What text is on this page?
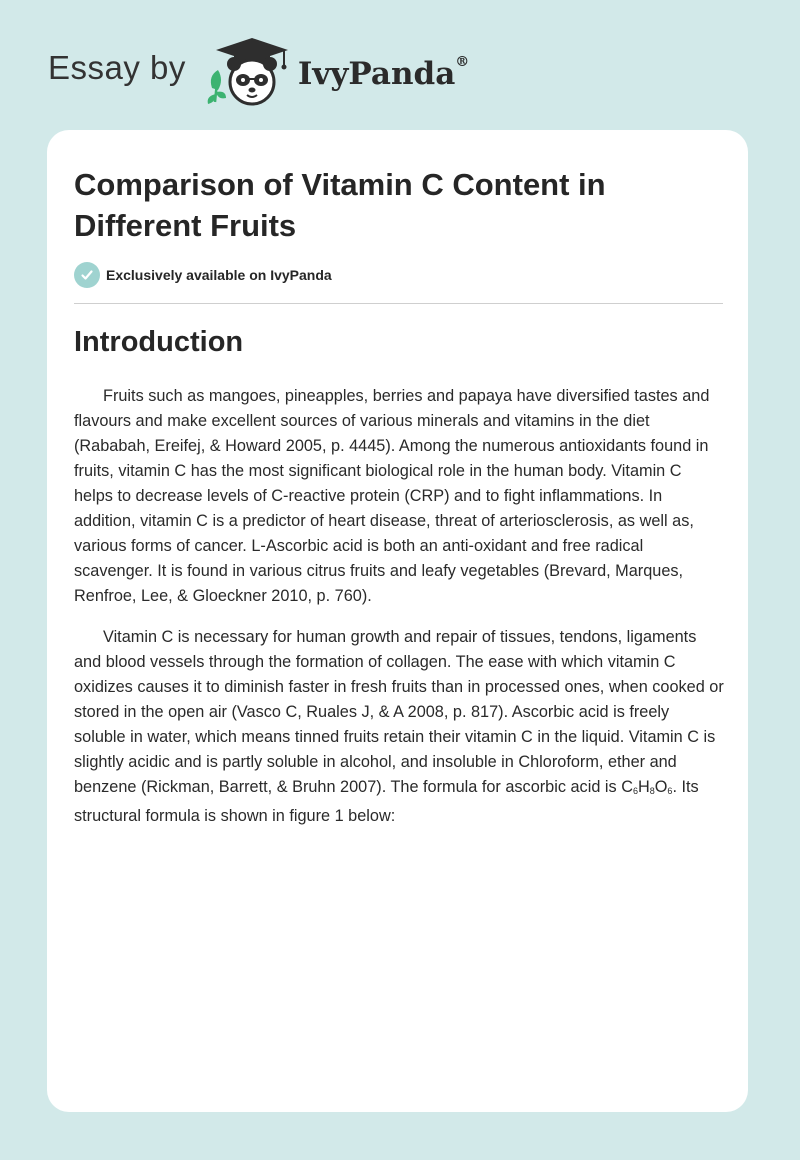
Essay by	IvyPanda®
Comparison of Vitamin C Content in Different Fruits
Exclusively available on IvyPanda
Introduction

Fruits such as mangoes, pineapples, berries and papaya have diversified tastes and flavours and make excellent sources of various minerals and vitamins in the diet (Rababah, Ereifej, & Howard 2005, p. 4445). Among the numerous antioxidants found in fruits, vitamin C has the most significant biological role in the human body. Vitamin C helps to decrease levels of C-reactive protein (CRP) and to fight inflammations. In addition, vitamin C is a predictor of heart disease, threat of arteriosclerosis, as well as, various forms of cancer. L-Ascorbic acid is both an anti-oxidant and free radical scavenger. It is found in various citrus fruits and leafy vegetables (Brevard, Marques, Renfroe, Lee, & Gloeckner 2010, p. 760).

Vitamin C is necessary for human growth and repair of tissues, tendons, ligaments and blood vessels through the formation of collagen. The ease with which vitamin C oxidizes causes it to diminish faster in fresh fruits than in processed ones, when cooked or stored in the open air (Vasco C, Ruales J, & A 2008, p. 817). Ascorbic acid is freely soluble in water, which means tinned fruits retain their vitamin C in the liquid. Vitamin C is slightly acidic and is partly soluble in alcohol, and insoluble in Chloroform, ether and benzene (Rickman, Barrett, & Bruhn 2007). The formula for ascorbic acid is $C_6H_8O_6$. Its structural formula is shown in figure 1 below:
